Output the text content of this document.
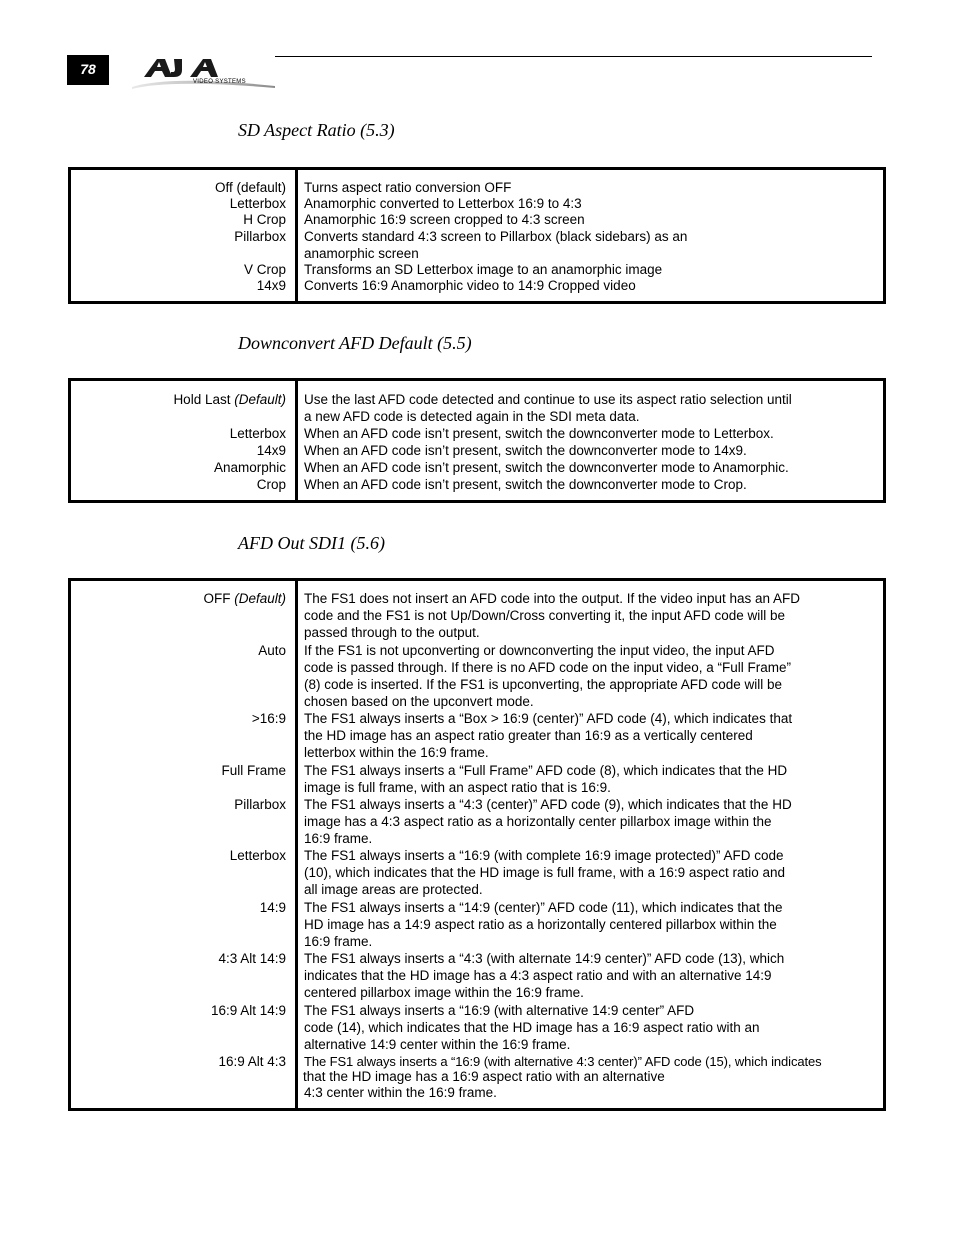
78
VIDEO SYSTEMS
SD Aspect Ratio (5.3)
Off (default) Turns aspect ratio conversion OFF
Letterbox Anamorphic converted to Letterbox 16:9 to 4:3
H Crop Anamorphic 16:9 screen cropped to 4:3 screen
Pillarbox Converts standard 4:3 screen to Pillarbox (black sidebars) as an
anamorphic screen
V Crop Transforms an SD Letterbox image to an anamorphic image
14x9 Converts 16:9 Anamorphic video to 14:9 Cropped video
Downconvert AFD Default (5.5)
Hold Last (Default) Use the last AFD code detected and continue to use its aspect ratio selection until
a new AFD code is detected again in the SDI meta data.
Letterbox When an AFD code isn’t present, switch the downconverter mode to Letterbox.
14x9 When an AFD code isn’t present, switch the downconverter mode to 14x9.
Anamorphic When an AFD code isn’t present, switch the downconverter mode to Anamorphic.
Crop When an AFD code isn’t present, switch the downconverter mode to Crop.
AFD Out SDI1 (5.6)
OFF (Default) The FS1 does not insert an AFD code into the output. If the video input has an AFD
code and the FS1 is not Up/Down/Cross converting it, the input AFD code will be
passed through to the output.
Auto If the FS1 is not upconverting or downconverting the input video, the input AFD
code is passed through. If there is no AFD code on the input video, a “Full Frame”
(8) code is inserted. If the FS1 is upconverting, the appropriate AFD code will be
chosen based on the upconvert mode.
>16:9 The FS1 always inserts a “Box > 16:9 (center)” AFD code (4), which indicates that
the HD image has an aspect ratio greater than 16:9 as a vertically centered
letterbox within the 16:9 frame.
Full Frame The FS1 always inserts a “Full Frame” AFD code (8), which indicates that the HD
image is full frame, with an aspect ratio that is 16:9.
Pillarbox The FS1 always inserts a “4:3 (center)” AFD code (9), which indicates that the HD
image has a 4:3 aspect ratio as a horizontally center pillarbox image within the
16:9 frame.
Letterbox The FS1 always inserts a “16:9 (with complete 16:9 image protected)” AFD code
(10), which indicates that the HD image is full frame, with a 16:9 aspect ratio and
all image areas are protected.
14:9 The FS1 always inserts a “14:9 (center)” AFD code (11), which indicates that the
HD image has a 14:9 aspect ratio as a horizontally centered pillarbox within the
16:9 frame.
4:3 Alt 14:9 The FS1 always inserts a “4:3 (with alternate 14:9 center)” AFD code (13), which
indicates that the HD image has a 4:3 aspect ratio and with an alternative 14:9
centered pillarbox image within the 16:9 frame.
16:9 Alt 14:9 The FS1 always inserts a “16:9 (with alternative 14:9 center” AFD
code (14), which indicates that the HD image has a 16:9 aspect ratio with an
alternative 14:9 center within the 16:9 frame.
16:9 Alt 4:3 The FS1 always inserts a “16:9 (with alternative 4:3 center)” AFD code (15), which indicates
that the HD image has a 16:9 aspect ratio with an alternative
4:3 center within the 16:9 frame.
